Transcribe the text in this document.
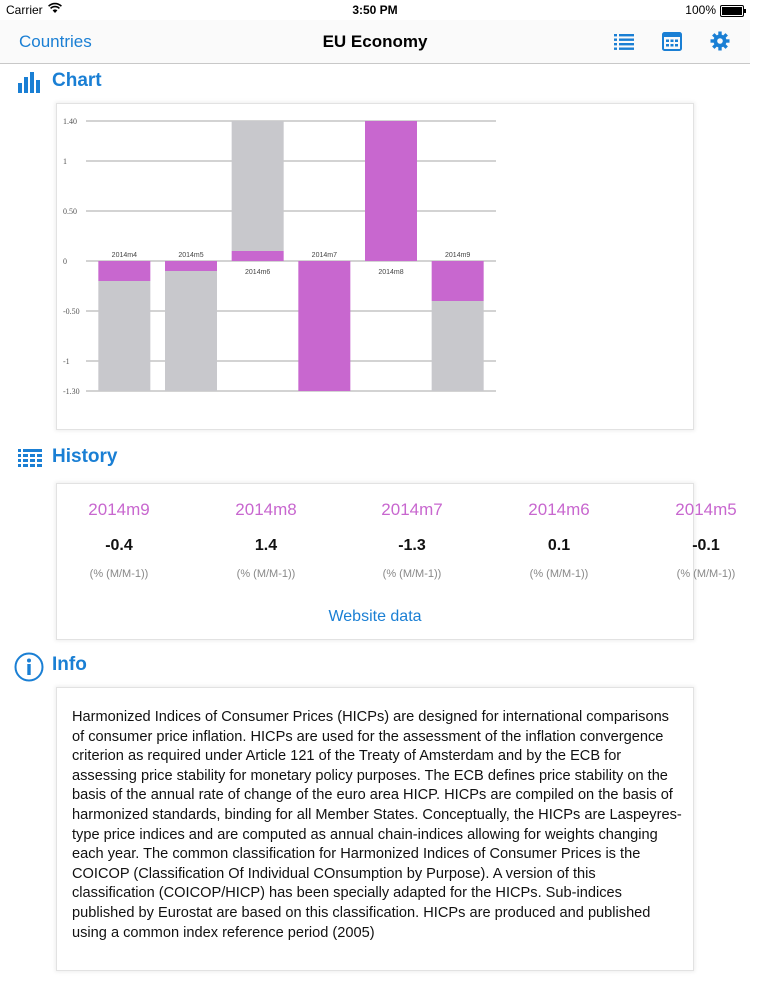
Carrier	3:50 PM	100%
Countries	EU Economy
Chart
1.40
1
0.50
0
-0.50
-1
-1.30
2014m4	2014m5
2014m6
2014m7
2014m8
2014m9
History
2014m9
-0.4
(% (M/M-1))
2014m8
1.4
(% (M/M-1))
2014m7
-1.3
(% (M/M-1))
2014m6
0.1
(% (M/M-1))
2014m5
-0.1
(% (M/M-1))
Website data
Info
Harmonized Indices of Consumer Prices (HICPs) are designed for international comparisons of consumer price inflation. HICPs are used for the assessment of the inflation convergence criterion as required under Article 121 of the Treaty of Amsterdam and by the ECB for assessing price stability for monetary policy purposes. The ECB defines price stability on the basis of the annual rate of change of the euro area HICP. HICPs are compiled on the basis of harmonized standards, binding for all Member States. Conceptually, the HICPs are Laspeyres-type price indices and are computed as annual chain-indices allowing for weights changing each year. The common classification for Harmonized Indices of Consumer Prices is the COICOP (Classification Of Individual COnsumption by Purpose). A version of this classification (COICOP/HICP) has been specially adapted for the HICPs. Sub-indices published by Eurostat are based on this classification. HICPs are produced and published using a common index reference period (2005)
